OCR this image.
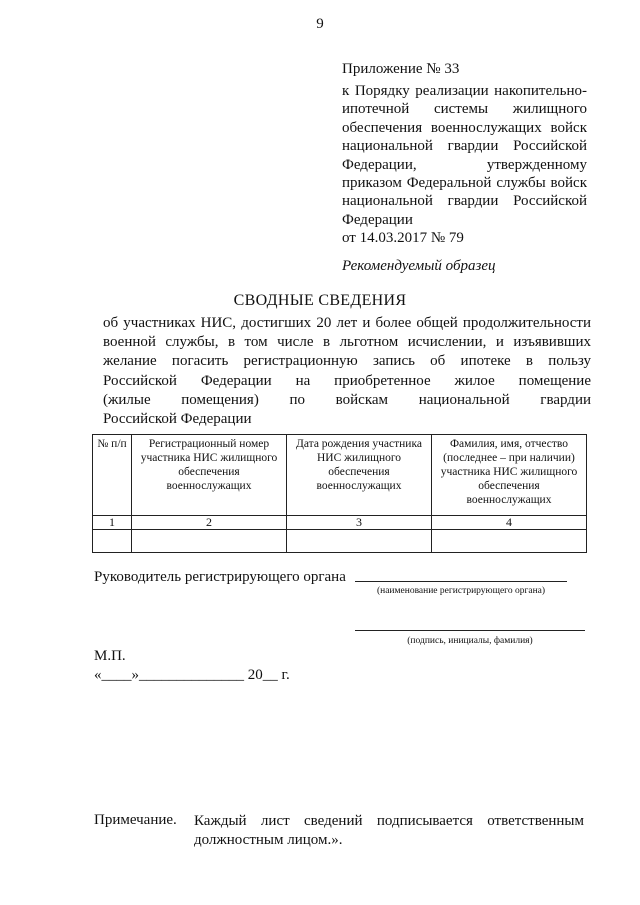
9
Приложение № 33
к Порядку реализации накопительно-
ипотечной системы жилищного
обеспечения военнослужащих войск
национальной гвардии Российской
Федерации, утвержденному
приказом Федеральной службы войск
национальной гвардии Российской
Федерации
от 14.03.2017 № 79
Рекомендуемый образец
СВОДНЫЕ СВЕДЕНИЯ
об участниках НИС, достигших 20 лет и более общей продолжительности
военной службы, в том числе в льготном исчислении, и изъявивших
желание погасить регистрационную запись об ипотеке в пользу
Российской Федерации на приобретенное жилое помещение
(жилые помещения) по войскам национальной гвардии
Российской Федерации
№ п/п	Регистрационный номер участника НИС жилищного обеспечения военнослужащих	Дата рождения участника НИС жилищного обеспечения военнослужащих	Фамилия, имя, отчество (последнее – при наличии) участника НИС жилищного обеспечения военнослужащих
1	2	3	4

Руководитель регистрирующего органа
(наименование регистрирующего органа)
(подпись, инициалы, фамилия)
М.П.
«____»______________ 20__ г.
Примечание. Каждый лист сведений подписывается ответственным
должностным лицом.».
